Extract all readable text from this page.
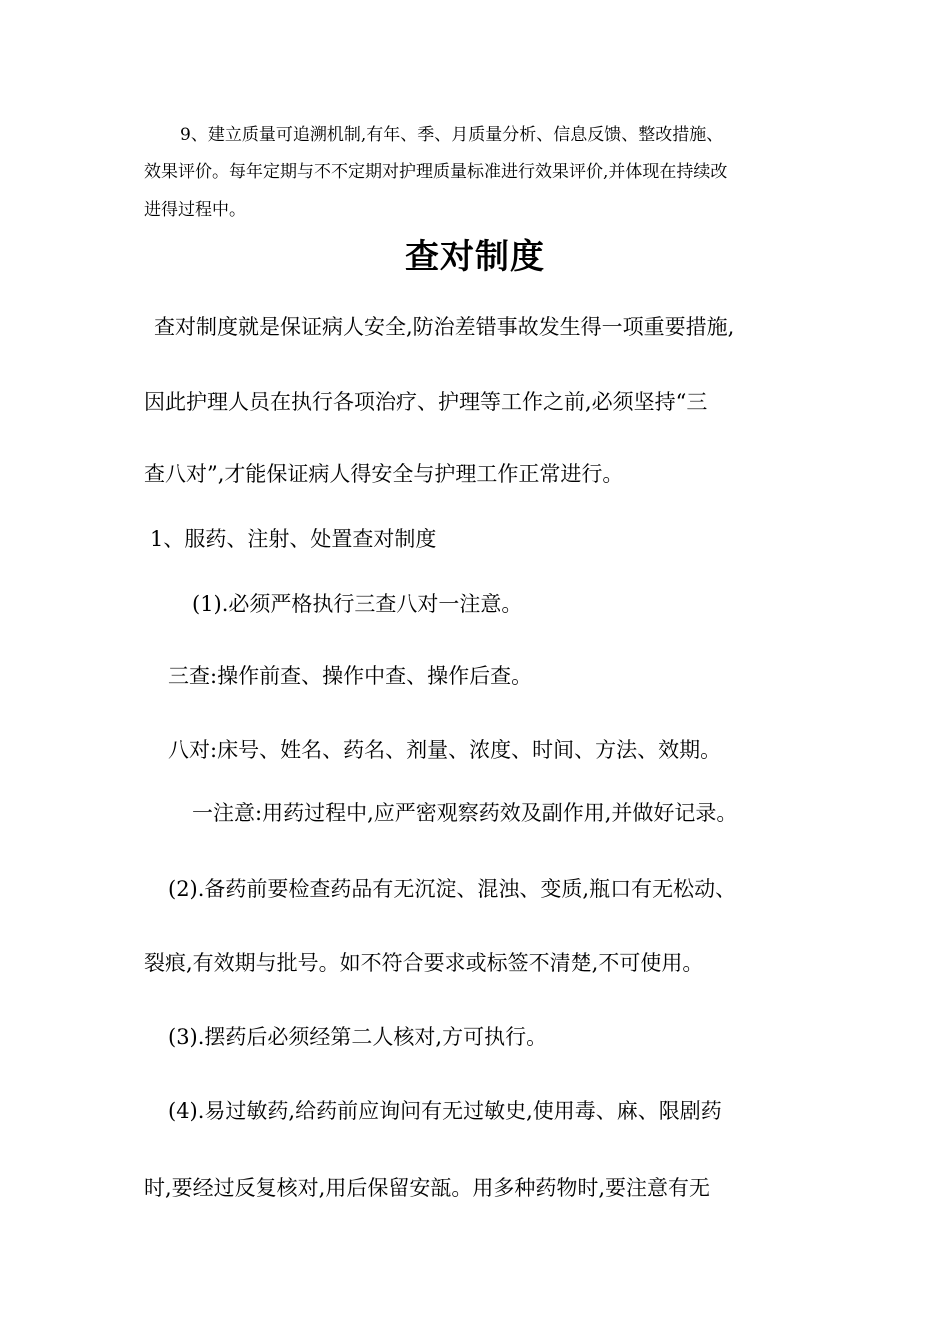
9、建立质量可追溯机制,有年、季、月质量分析、信息反馈、整改措施、
效果评价。每年定期与不不定期对护理质量标准进行效果评价,并体现在持续改
进得过程中。
查对制度
查对制度就是保证病人安全,防治差错事故发生得一项重要措施,
因此护理人员在执行各项治疗、护理等工作之前,必须坚持“三
查八对”,才能保证病人得安全与护理工作正常进行。
1、服药、注射、处置查对制度
(1).必须严格执行三查八对一注意。
三查:操作前查、操作中查、操作后查。
八对:床号、姓名、药名、剂量、浓度、时间、方法、效期。
一注意:用药过程中,应严密观察药效及副作用,并做好记录。
(2).备药前要检查药品有无沉淀、混浊、变质,瓶口有无松动、
裂痕,有效期与批号。如不符合要求或标签不清楚,不可使用。
(3).摆药后必须经第二人核对,方可执行。
(4).易过敏药,给药前应询问有无过敏史,使用毒、麻、限剧药
时,要经过反复核对,用后保留安瓿。用多种药物时,要注意有无
